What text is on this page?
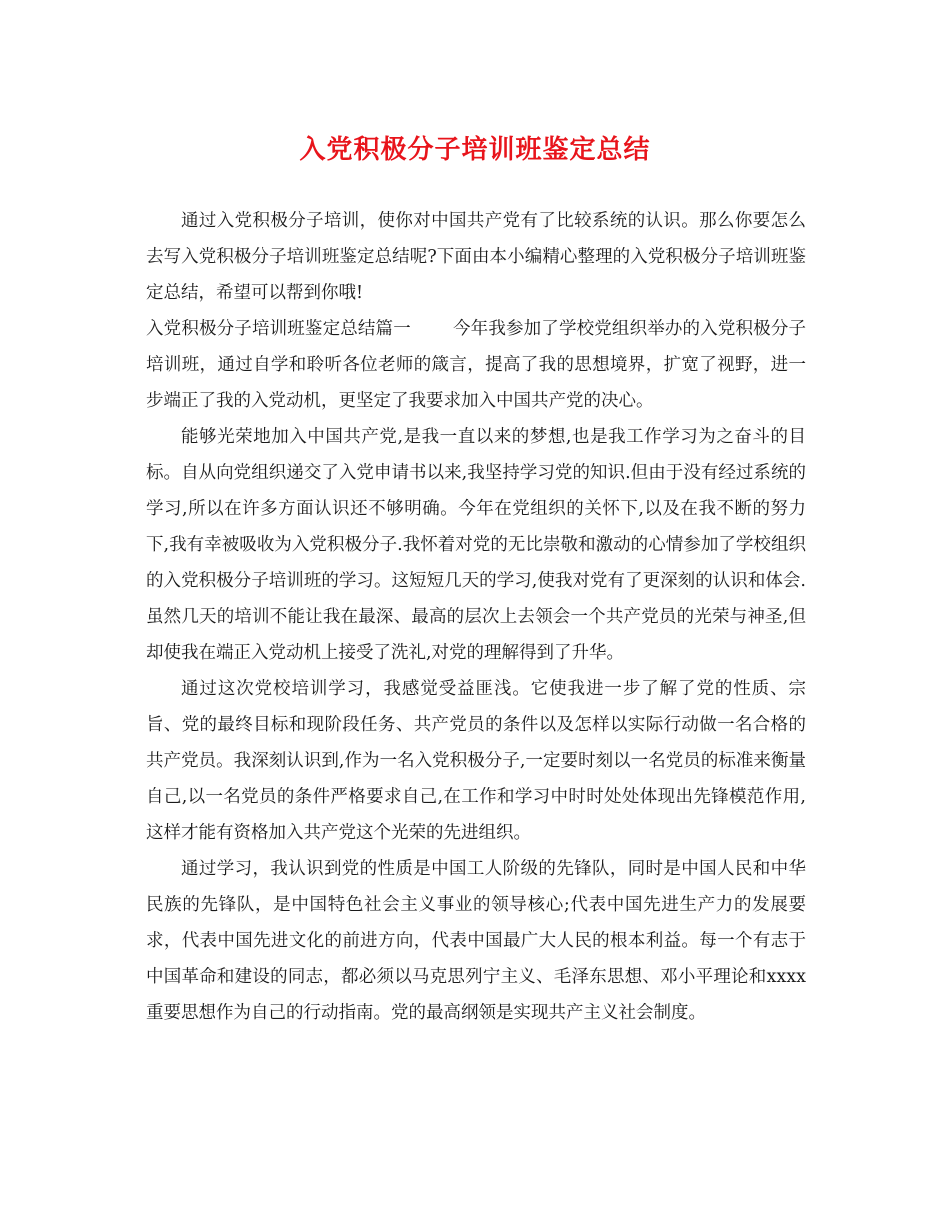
入党积极分子培训班鉴定总结

通过入党积极分子培训，使你对中国共产党有了比较系统的认识。那么你要怎么去写入党积极分子培训班鉴定总结呢?下面由本小编精心整理的入党积极分子培训班鉴定总结，希望可以帮到你哦!

入党积极分子培训班鉴定总结篇一 今年我参加了学校党组织举办的入党积极分子培训班，通过自学和聆听各位老师的箴言，提高了我的思想境界，扩宽了视野，进一步端正了我的入党动机，更坚定了我要求加入中国共产党的决心。

能够光荣地加入中国共产党,是我一直以来的梦想,也是我工作学习为之奋斗的目标。自从向党组织递交了入党申请书以来,我坚持学习党的知识.但由于没有经过系统的学习,所以在许多方面认识还不够明确。今年在党组织的关怀下,以及在我不断的努力下,我有幸被吸收为入党积极分子.我怀着对党的无比崇敬和激动的心情参加了学校组织的入党积极分子培训班的学习。这短短几天的学习,使我对党有了更深刻的认识和体会.虽然几天的培训不能让我在最深、最高的层次上去领会一个共产党员的光荣与神圣,但却使我在端正入党动机上接受了洗礼,对党的理解得到了升华。

通过这次党校培训学习，我感觉受益匪浅。它使我进一步了解了党的性质、宗旨、党的最终目标和现阶段任务、共产党员的条件以及怎样以实际行动做一名合格的共产党员。我深刻认识到,作为一名入党积极分子,一定要时刻以一名党员的标准来衡量自己,以一名党员的条件严格要求自己,在工作和学习中时时处处体现出先锋模范作用,这样才能有资格加入共产党这个光荣的先进组织。

通过学习，我认识到党的性质是中国工人阶级的先锋队，同时是中国人民和中华民族的先锋队，是中国特色社会主义事业的领导核心;代表中国先进生产力的发展要求，代表中国先进文化的前进方向，代表中国最广大人民的根本利益。每一个有志于中国革命和建设的同志，都必须以马克思列宁主义、毛泽东思想、邓小平理论和xxxx重要思想作为自己的行动指南。党的最高纲领是实现共产主义社会制度。
